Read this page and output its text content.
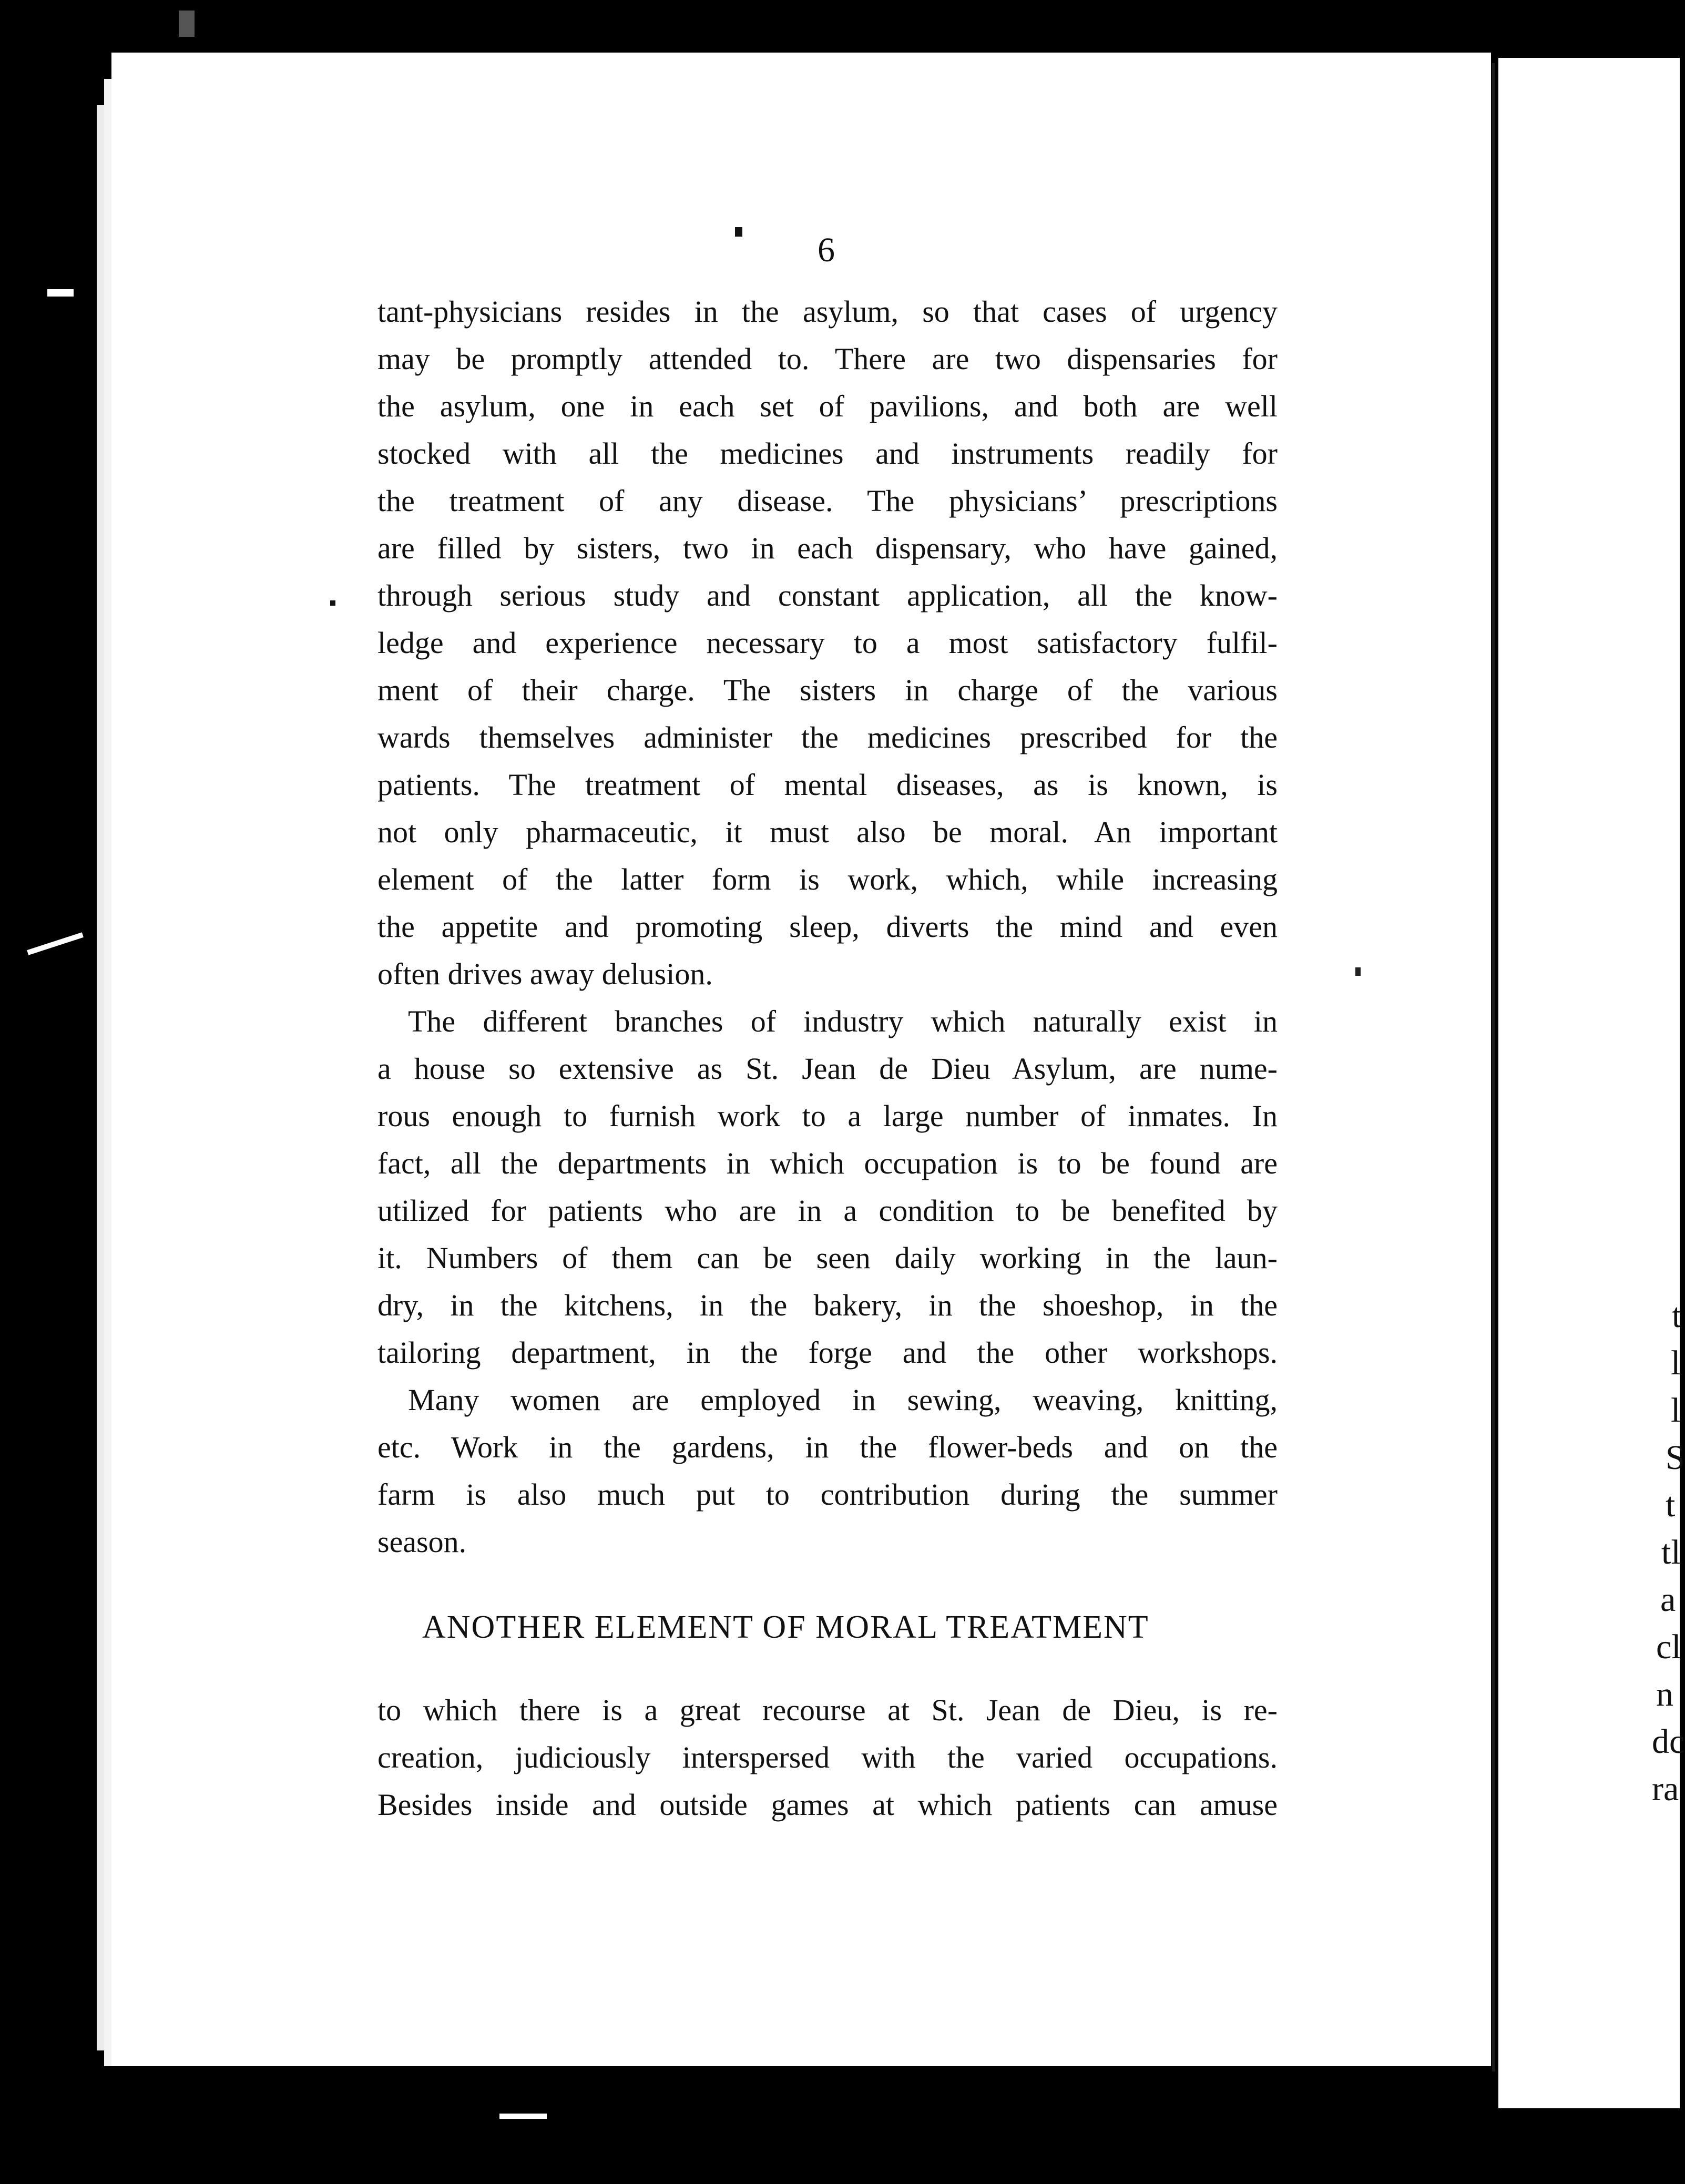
t
l
l
S
t
tl
a
cl
n
dc
ra
6
tant-physicians resides in the asylum, so that cases of urgency
may be promptly attended to. There are two dispensaries for
the asylum, one in each set of pavilions, and both are well
stocked with all the medicines and instruments readily for
the treatment of any disease. The physicians’ prescriptions
are filled by sisters, two in each dispensary, who have gained,
through serious study and constant application, all the know-
ledge and experience necessary to a most satisfactory fulfil-
ment of their charge. The sisters in charge of the various
wards themselves administer the medicines prescribed for the
patients. The treatment of mental diseases, as is known, is
not only pharmaceutic, it must also be moral. An important
element of the latter form is work, which, while increasing
the appetite and promoting sleep, diverts the mind and even
often drives away delusion.
The different branches of industry which naturally exist in
a house so extensive as St. Jean de Dieu Asylum, are nume-
rous enough to furnish work to a large number of inmates. In
fact, all the departments in which occupation is to be found are
utilized for patients who are in a condition to be benefited by
it. Numbers of them can be seen daily working in the laun-
dry, in the kitchens, in the bakery, in the shoeshop, in the
tailoring department, in the forge and the other workshops.
Many women are employed in sewing, weaving, knitting,
etc. Work in the gardens, in the flower-beds and on the
farm is also much put to contribution during the summer
season.
ANOTHER ELEMENT OF MORAL TREATMENT
to which there is a great recourse at St. Jean de Dieu, is re-
creation, judiciously interspersed with the varied occupations.
Besides inside and outside games at which patients can amuse
